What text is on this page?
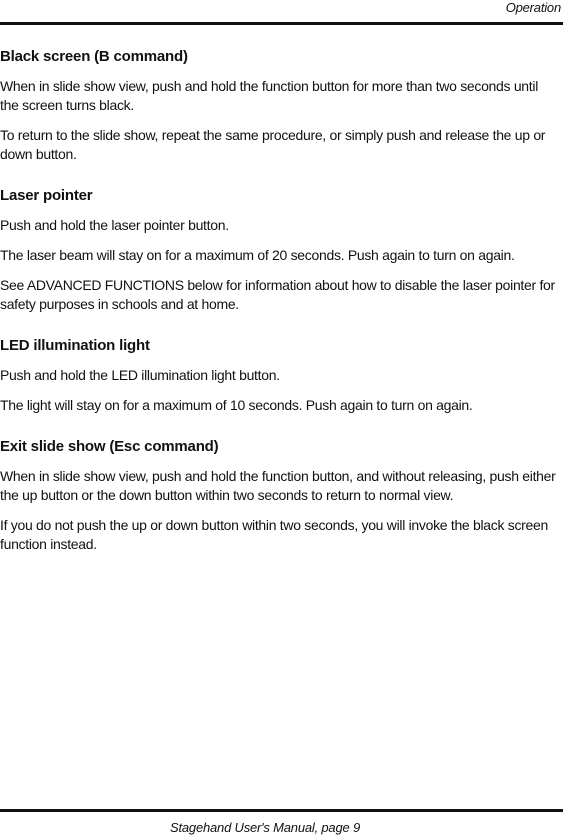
Operation
Black screen (B command)

When in slide show view, push and hold the function button for more than two seconds until the screen turns black.

To return to the slide show, repeat the same procedure, or simply push and release the up or down button.

Laser pointer

Push and hold the laser pointer button.

The laser beam will stay on for a maximum of 20 seconds. Push again to turn on again.

See ADVANCED FUNCTIONS below for information about how to disable the laser pointer for safety purposes in schools and at home.

LED illumination light

Push and hold the LED illumination light button.

The light will stay on for a maximum of 10 seconds. Push again to turn on again.

Exit slide show (Esc command)

When in slide show view, push and hold the function button, and without releasing, push either the up button or the down button within two seconds to return to normal view.

If you do not push the up or down button within two seconds, you will invoke the black screen function instead.

Stagehand User's Manual, page 9
